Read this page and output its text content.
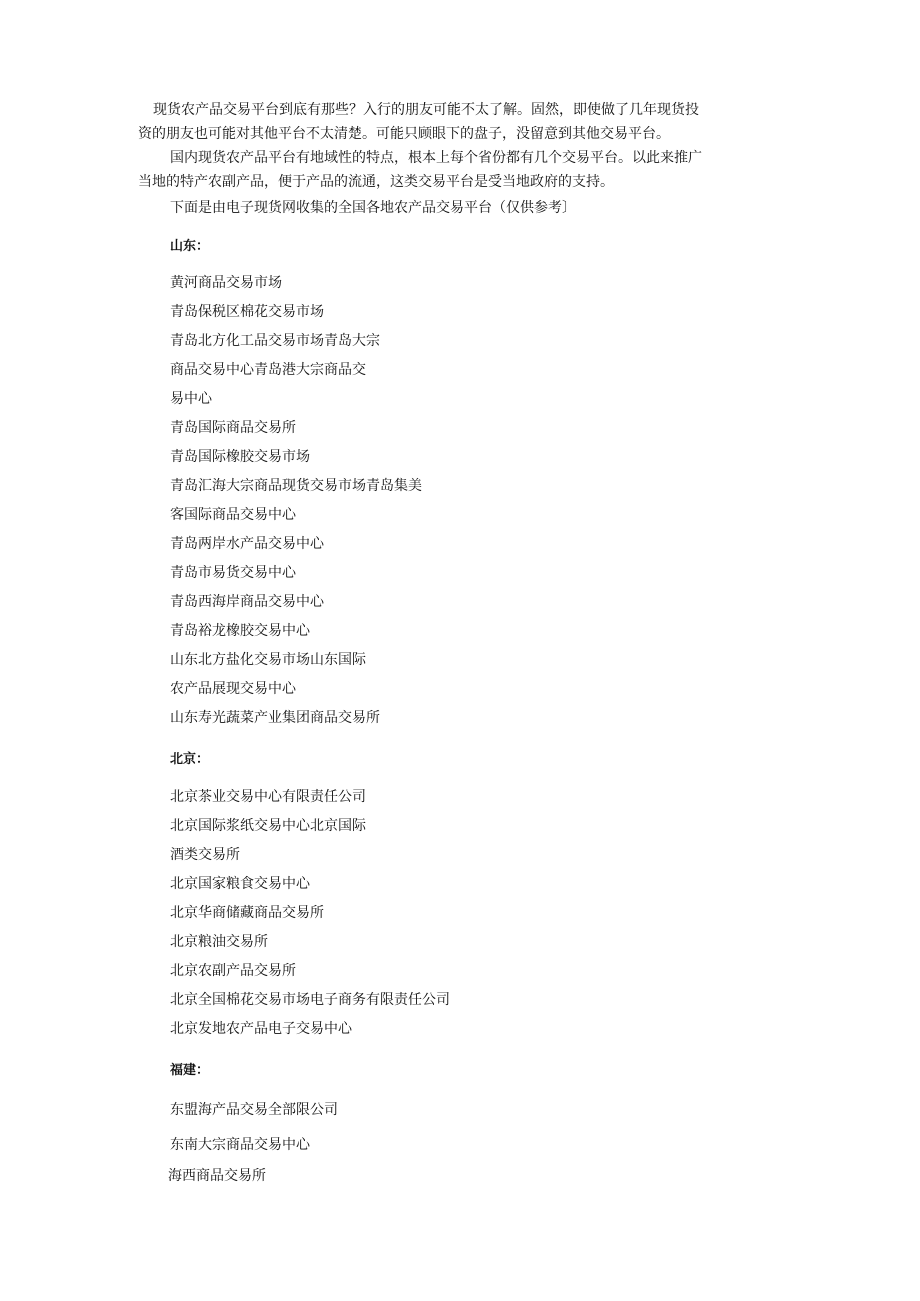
现货农产品交易平台到底有那些？入行的朋友可能不太了解。固然，即使做了几年现货投

资的朋友也可能对其他平台不太清楚。可能只顾眼下的盘子，没留意到其他交易平台。

国内现货农产品平台有地域性的特点，根本上每个省份都有几个交易平台。以此来推广

当地的特产农副产品，便于产品的流通，这类交易平台是受当地政府的支持。

下面是由电子现货网收集的全国各地农产品交易平台（仅供参考〕

山东：

黄河商品交易市场

青岛保税区棉花交易市场

青岛北方化工品交易市场青岛大宗

商品交易中心青岛港大宗商品交

易中心

青岛国际商品交易所

青岛国际橡胶交易市场

青岛汇海大宗商品现货交易市场青岛集美

客国际商品交易中心

青岛两岸水产品交易中心

青岛市易货交易中心

青岛西海岸商品交易中心

青岛裕龙橡胶交易中心

山东北方盐化交易市场山东国际

农产品展现交易中心

山东寿光蔬菜产业集团商品交易所

北京：

北京茶业交易中心有限责任公司

北京国际浆纸交易中心北京国际

酒类交易所

北京国家粮食交易中心

北京华商储藏商品交易所

北京粮油交易所

北京农副产品交易所

北京全国棉花交易市场电子商务有限责任公司

北京发地农产品电子交易中心

福建：

东盟海产品交易全部限公司

东南大宗商品交易中心

海西商品交易所
